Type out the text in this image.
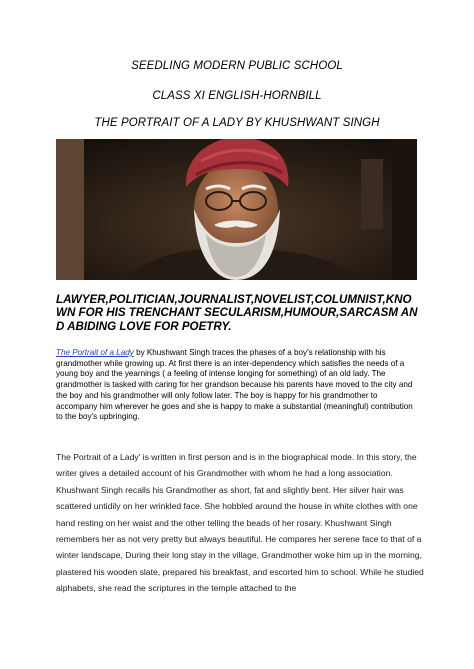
SEEDLING MODERN PUBLIC SCHOOL
CLASS XI ENGLISH-HORNBILL
THE PORTRAIT OF A LADY BY KHUSHWANT SINGH

LAWYER,POLITICIAN,JOURNALIST,NOVELIST,COLUMNIST,KNOWN FOR HIS TRENCHANT SECULARISM,HUMOUR,SARCASM AND ABIDING LOVE FOR POETRY.

The Portrait of a Lady by Khushwant Singh traces the phases of a boy's relationship with his grandmother while growing up. At first there is an inter-dependency which satisfies the needs of a young boy and the yearnings ( a feeling of intense longing for something) of an old lady. The grandmother is tasked with caring for her grandson because his parents have moved to the city and the boy and his grandmother will only follow later. The boy is happy for his grandmother to accompany him wherever he goes and she is happy to make a substantial (meaningful) contribution to the boy's upbringing.

The Portrait of a Lady' is written in first person and is in the biographical mode. In this story, the writer gives a detailed account of his Grandmother with whom he had a long association. Khushwant Singh recalls his Grandmother as short, fat and slightly bent. Her silver hair was scattered untidily on her wrinkled face. She hobbled around the house in white clothes with one hand resting on her waist and the other telling the beads of her rosary. Khushwant Singh remembers her as not very pretty but always beautiful. He compares her serene face to that of a winter landscape, During their long stay in the village, Grandmother woke him up in the morning, plastered his wooden slate, prepared his breakfast, and escorted him to school. While he studied alphabets, she read the scriptures in the temple attached to the
